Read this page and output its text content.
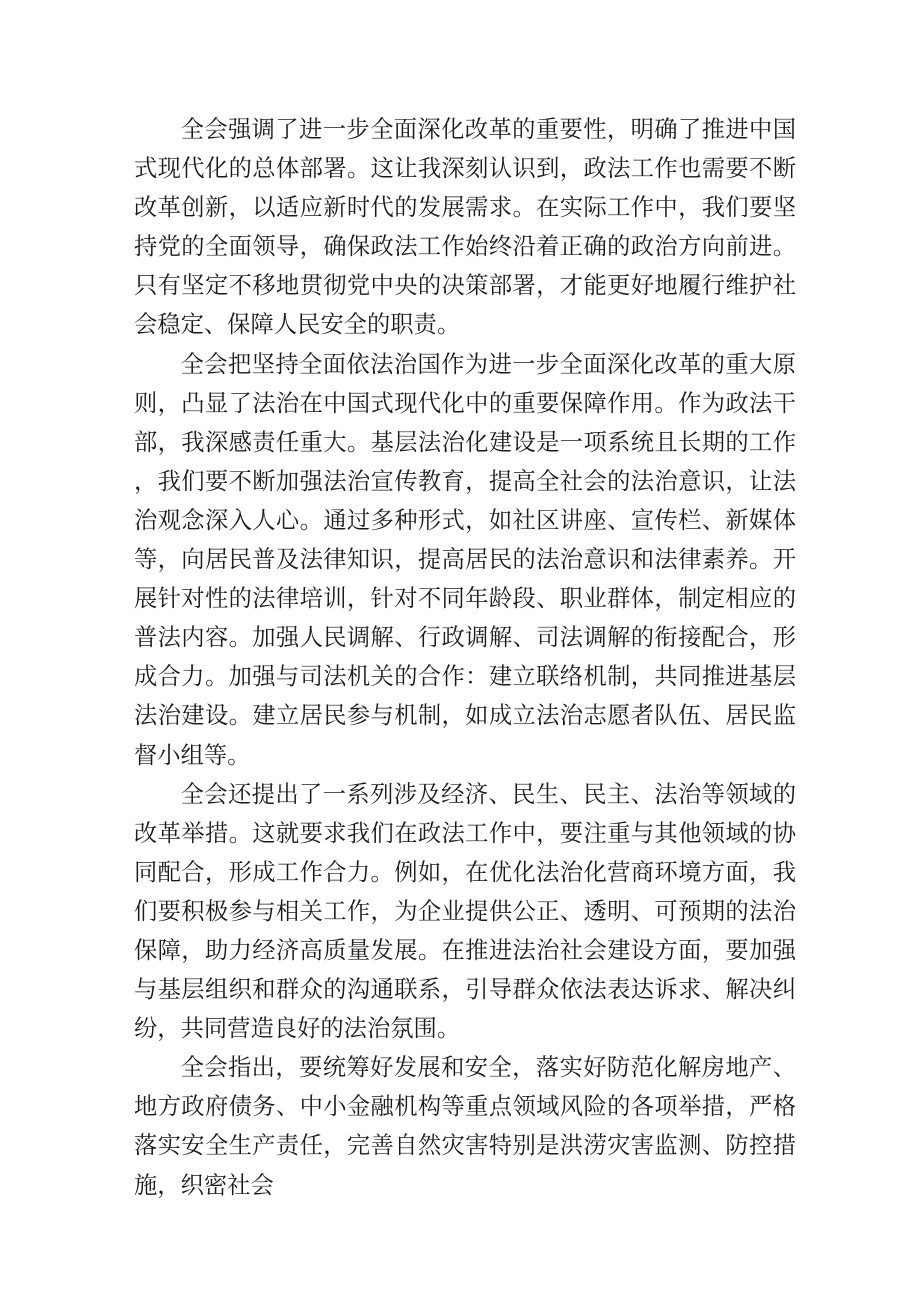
全会强调了进一步全面深化改革的重要性，明确了推进中国式现代化的总体部署。这让我深刻认识到，政法工作也需要不断改革创新，以适应新时代的发展需求。在实际工作中，我们要坚持党的全面领导，确保政法工作始终沿着正确的政治方向前进。只有坚定不移地贯彻党中央的决策部署，才能更好地履行维护社会稳定、保障人民安全的职责。

全会把坚持全面依法治国作为进一步全面深化改革的重大原则，凸显了法治在中国式现代化中的重要保障作用。作为政法干部，我深感责任重大。基层法治化建设是一项系统且长期的工作，我们要不断加强法治宣传教育，提高全社会的法治意识，让法治观念深入人心。通过多种形式，如社区讲座、宣传栏、新媒体等，向居民普及法律知识，提高居民的法治意识和法律素养。开展针对性的法律培训，针对不同年龄段、职业群体，制定相应的普法内容。加强人民调解、行政调解、司法调解的衔接配合，形成合力。加强与司法机关的合作：建立联络机制，共同推进基层法治建设。建立居民参与机制，如成立法治志愿者队伍、居民监督小组等。

全会还提出了一系列涉及经济、民生、民主、法治等领域的改革举措。这就要求我们在政法工作中，要注重与其他领域的协同配合，形成工作合力。例如，在优化法治化营商环境方面，我们要积极参与相关工作，为企业提供公正、透明、可预期的法治保障，助力经济高质量发展。在推进法治社会建设方面，要加强与基层组织和群众的沟通联系，引导群众依法表达诉求、解决纠纷，共同营造良好的法治氛围。

全会指出，要统筹好发展和安全，落实好防范化解房地产、地方政府债务、中小金融机构等重点领域风险的各项举措，严格落实安全生产责任，完善自然灾害特别是洪涝灾害监测、防控措施，织密社会
